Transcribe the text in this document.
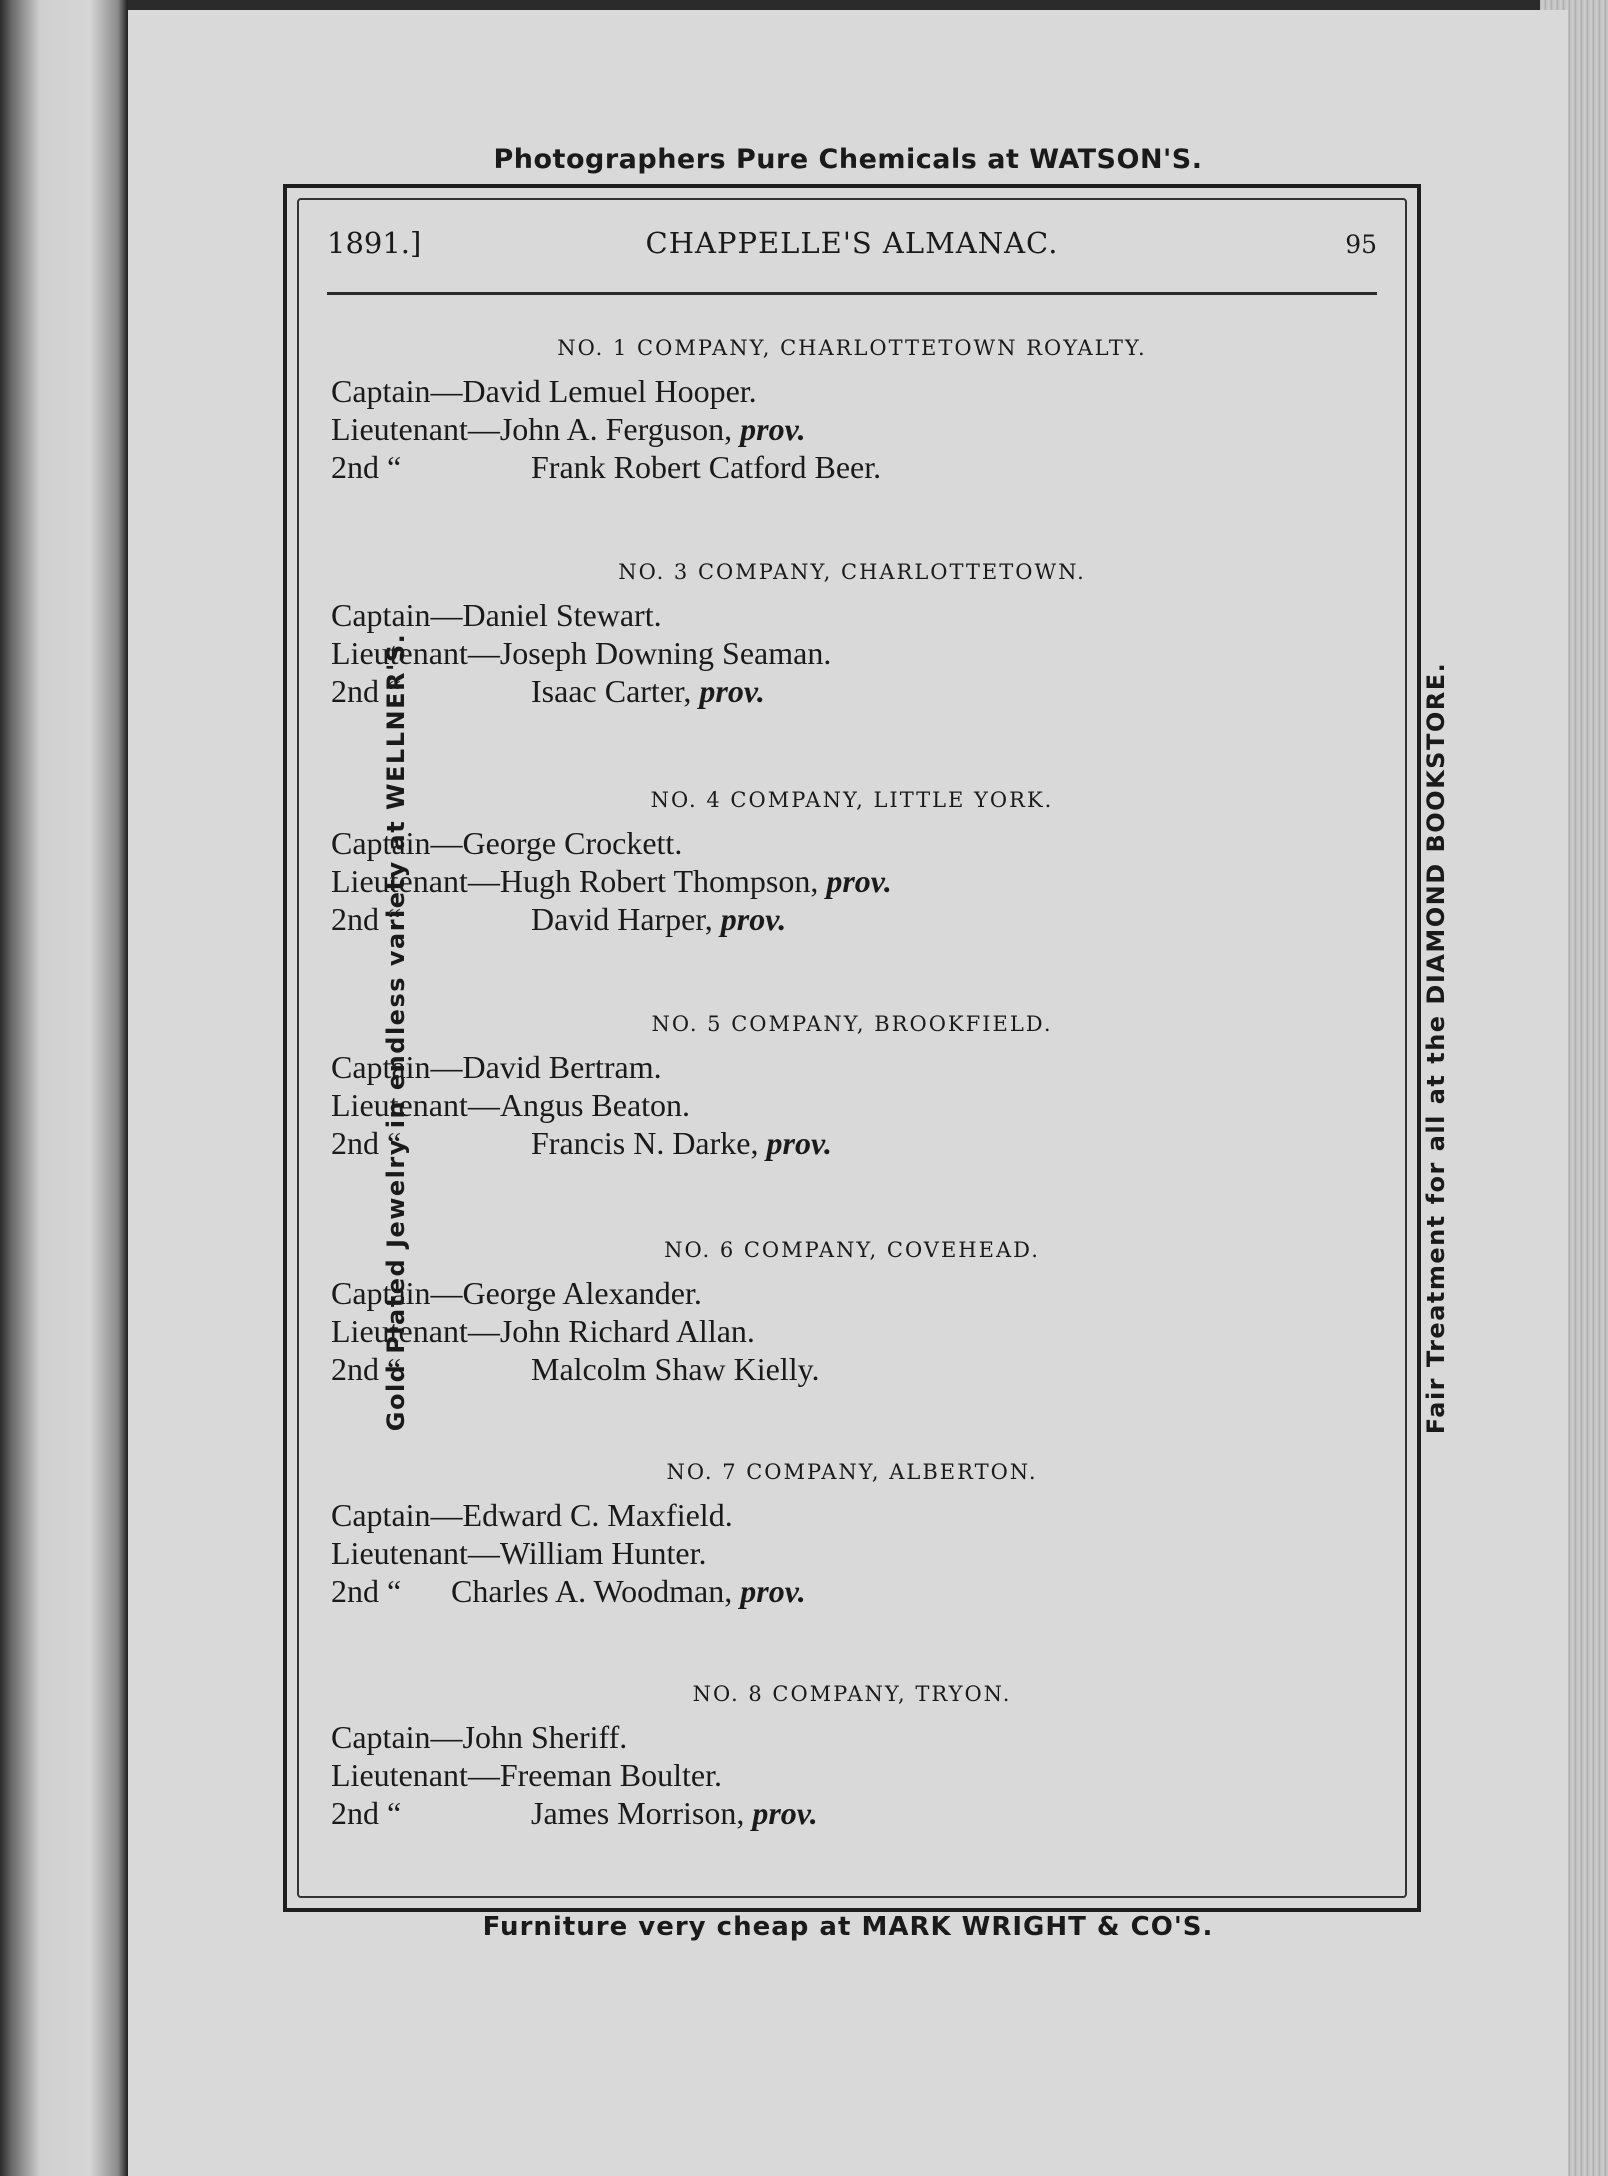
Photographers Pure Chemicals at WATSON'S.
Gold Plated Jewelry in endless variety at WELLNER'S.	Fair Treatment for all at the DIAMOND BOOKSTORE.
Furniture very cheap at MARK WRIGHT & CO'S.
1891.]	CHAPPELLE'S ALMANAC.	95
NO. 1 COMPANY, CHARLOTTETOWN ROYALTY.
Captain—David Lemuel Hooper.
Lieutenant—John A. Ferguson, prov.
2nd “	Frank Robert Catford Beer.
NO. 3 COMPANY, CHARLOTTETOWN.
Captain—Daniel Stewart.
Lieutenant—Joseph Downing Seaman.
2nd “	Isaac Carter, prov.
NO. 4 COMPANY, LITTLE YORK.
Captain—George Crockett.
Lieutenant—Hugh Robert Thompson, prov.
2nd “	David Harper, prov.
NO. 5 COMPANY, BROOKFIELD.
Captain—David Bertram.
Lieutenant—Angus Beaton.
2nd “	Francis N. Darke, prov.
NO. 6 COMPANY, COVEHEAD.
Captain—George Alexander.
Lieutenant—John Richard Allan.
2nd “	Malcolm Shaw Kielly.
NO. 7 COMPANY, ALBERTON.
Captain—Edward C. Maxfield.
Lieutenant—William Hunter.
2nd “Charles A. Woodman, prov.
NO. 8 COMPANY, TRYON.
Captain—John Sheriff.
Lieutenant—Freeman Boulter.
2nd “	James Morrison, prov.
